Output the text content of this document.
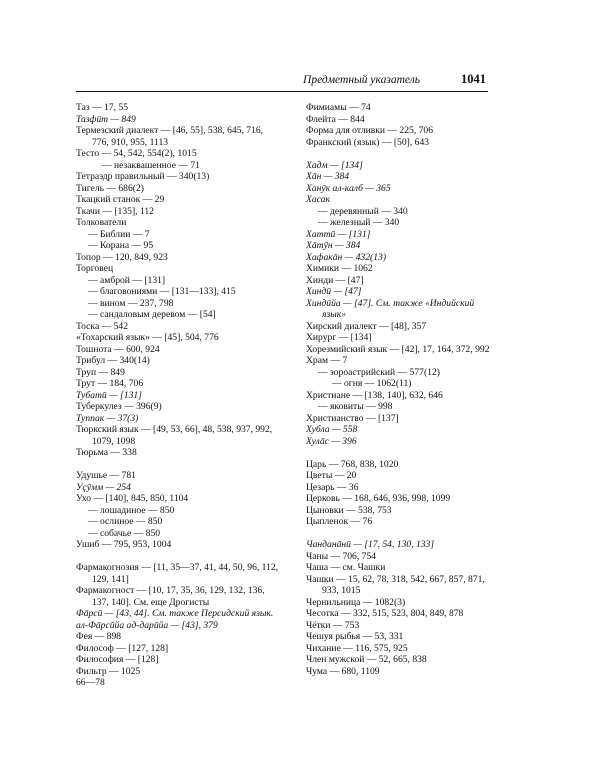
Предметный указатель	1041
Таз — 17, 55
Тазфӣт — 849
Термезский диалект — [46, 55], 538, 645, 716, 776, 910, 955, 1113
Тесто — 54, 542, 554(2), 1015
— незаквашенное — 71
Тетраэдр правильный — 340(13)
Тигель — 686(2)
Ткацкий станок — 29
Ткачи — [135], 112
Толкователи
— Библии — 7
— Корана — 95
Топор — 120, 849, 923
Торговец
— амброй — [131]
— благовониями — [131—133], 415
— вином — 237, 798
— сандаловым деревом — [54]
Тоска — 542
«Тохарский язык» — [45], 504, 776
Тошнота — 600, 924
Трибул — 340(14)
Труп — 849
Трут — 184, 706
Тубатӣ — [131]
Туберкулез — 396(9)
Туппак — 37(3)
Тюркский язык — [49, 53, 66], 48, 538, 937, 992, 1079, 1098
Тюрьма — 338
Удушье — 781
Уҫӯмм — 254
Ухо — [140], 845, 850, 1104
— лошадиное — 850
— ослиное — 850
— собачье — 850
Ушиб — 795, 953, 1004
Фармакогнозия — [11, 35—37, 41, 44, 50, 96, 112, 129, 141]
Фармакогност — [10, 17, 35, 36, 129, 132, 136, 137, 140]. См. еще Дрогисты
Фāрсӣ — [43, 44]. См. также Персидский язык.
ал-Фāрсӣйа ад-дарӣйа — [43], 379
Фея — 898
Философ — [127, 128]
Философия — [128]
Фильтр — 1025
66—78
Фимиамы — 74
Флейта — 844
Форма для отливки — 225, 706
Франкский (язык) — [50], 643
Хадм — [134]
Хāн — 384
Ханӯк ал-калб — 365
Хасак
— деревянный — 340
— железный — 340
Хаттӣ — [131]
Хāтӯн — 384
Хафакāн — 432(13)
Химики — 1062
Хинди — [47]
Хиндӣ — [47]
Хиндӣйа — [47]. См. также «Индийский язык»
Хирский диалект — [48], 357
Хирург — [134]
Хорезмийский язык — [42], 17, 164, 372, 992
Храм — 7
— зороастрийский — 577(12)
— огня — 1062(11)
Христиане — [138, 140], 632, 646
— яковиты — 998
Христианство — [137]
Хубла — 558
Хулāс — 396
Царь — 768, 838, 1020
Цветы — 20
Цезарь — 36
Церковь — 168, 646, 936, 998, 1099
Цыновки — 538, 753
Цыпленок — 76
Чанданāнӣ — [17, 54, 130, 133]
Чаны — 706, 754
Чаша — см. Чашки
Чашки — 15, 62, 78, 318, 542, 667, 857, 871, 933, 1015
Чернильница — 1082(3)
Чесотка — 332, 515, 523, 804, 849, 878
Чётки — 753
Чешуя рыбья — 53, 331
Чихание — 116, 575, 925
Член мужской — 52, 665, 838
Чума — 680, 1109
